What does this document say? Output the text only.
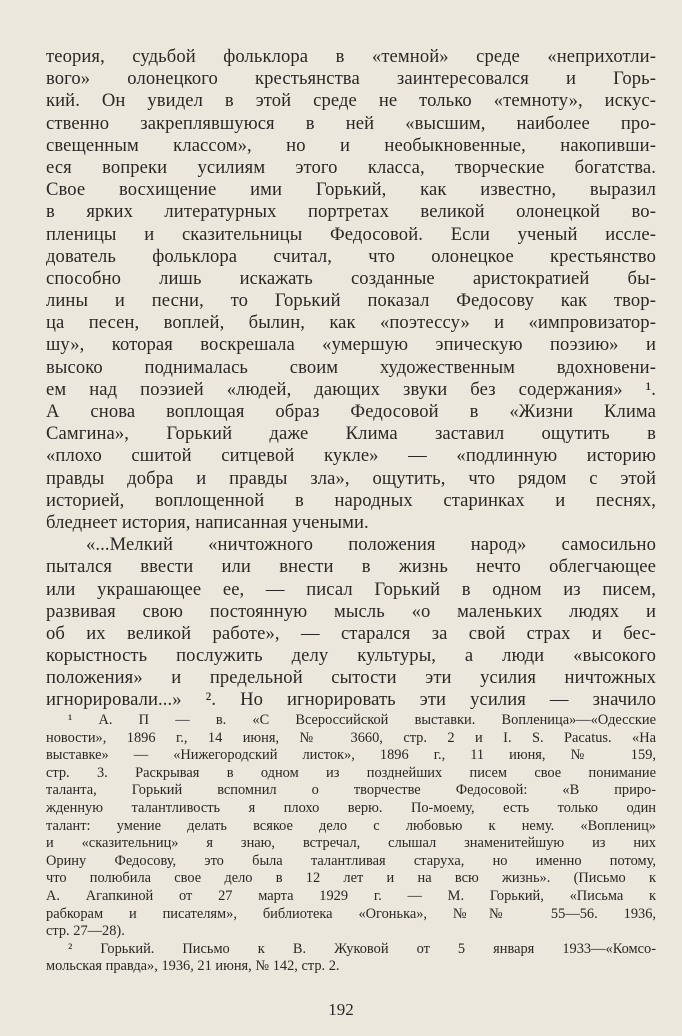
теория, судьбой фольклора в «темной» среде «неприхотли-
вого» олонецкого крестьянства заинтересовался и Горь-
кий. Он увидел в этой среде не только «темноту», искус-
ственно закреплявшуюся в ней «высшим, наиболее про-
свещенным классом», но и необыкновенные, накопивши-
еся вопреки усилиям этого класса, творческие богатства.
Свое восхищение ими Горький, как известно, выразил
в ярких литературных портретах великой олонецкой во-
пленицы и сказительницы Федосовой. Если ученый иссле-
дователь фольклора считал, что олонецкое крестьянство
способно лишь искажать созданные аристократией бы-
лины и песни, то Горький показал Федосову как твор-
ца песен, воплей, былин, как «поэтессу» и «импровизатор-
шу», которая воскрешала «умершую эпическую поэзию» и
высоко поднималась своим художественным вдохновени-
ем над поэзией «людей, дающих звуки без содержания» ¹.
А снова воплощая образ Федосовой в «Жизни Клима
Самгина», Горький даже Клима заставил ощутить в
«плохо сшитой ситцевой кукле» — «подлинную историю
правды добра и правды зла», ощутить, что рядом с этой
историей, воплощенной в народных старинках и песнях,
бледнеет история, написанная учеными.
«...Мелкий «ничтожного положения народ» самосильно
пытался ввести или внести в жизнь нечто облегчающее
или украшающее ее, — писал Горький в одном из писем,
развивая свою постоянную мысль «о маленьких людях и
об их великой работе», — старался за свой страх и бес-
корыстность послужить делу культуры, а люди «высокого
положения» и предельной сытости эти усилия ничтожных
игнорировали...» ². Но игнорировать эти усилия — значило
¹ А. П — в. «С Всероссийской выставки. Вопленица»—«Одесские
новости», 1896 г., 14 июня, № 3660, стр. 2 и I. S. Pacatus. «На
выставке» — «Нижегородский листок», 1896 г., 11 июня, № 159,
стр. 3. Раскрывая в одном из позднейших писем свое понимание
таланта, Горький вспомнил о творчестве Федосовой: «В приро-
жденную талантливость я плохо верю. По-моему, есть только один
талант: умение делать всякое дело с любовью к нему. «Воплениц»
и «сказительниц» я знаю, встречал, слышал знаменитейшую из них
Орину Федосову, это была талантливая старуха, но именно потому,
что полюбила свое дело в 12 лет и на всю жизнь». (Письмо к
А. Агапкиной от 27 марта 1929 г. — М. Горький, «Письма к
рабкорам и писателям», библиотека «Огонька», №№ 55—56. 1936,
стр. 27—28).
² Горький. Письмо к В. Жуковой от 5 января 1933—«Комсо-
мольская правда», 1936, 21 июня, № 142, стр. 2.
192
